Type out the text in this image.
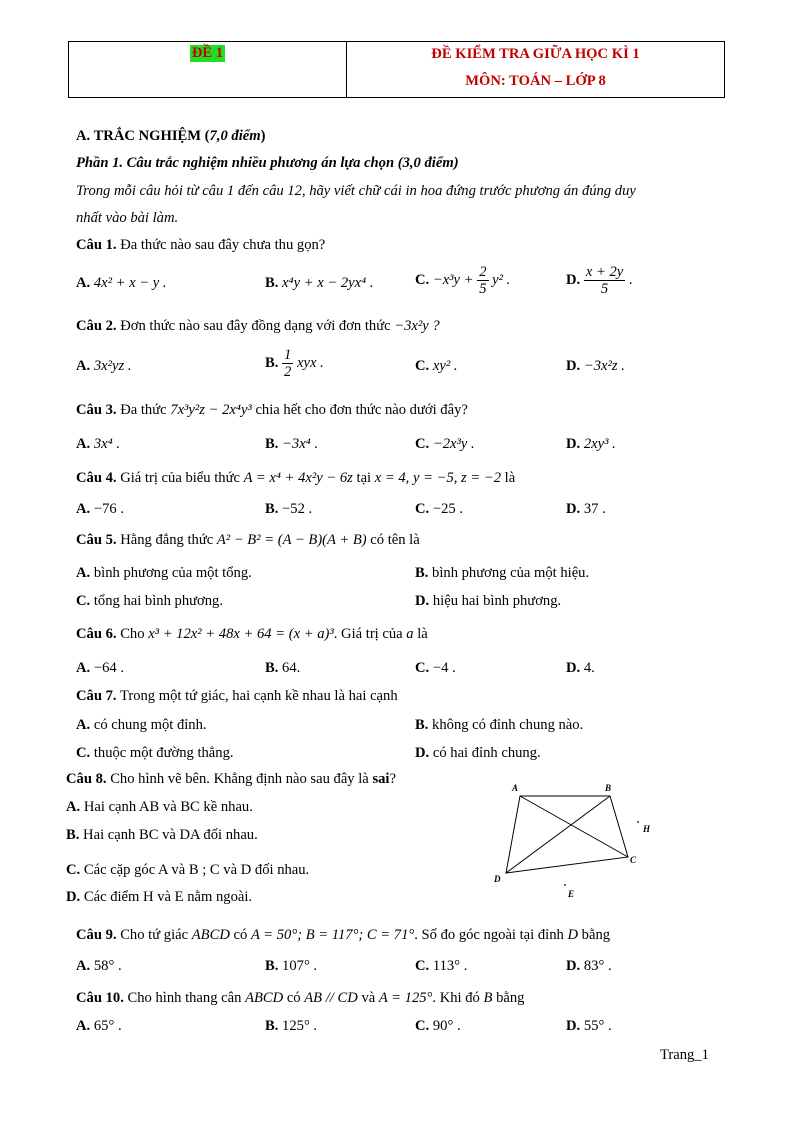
ĐỀ 1	ĐỀ KIỂM TRA GIỮA HỌC KÌ 1
MÔN: TOÁN – LỚP 8
A. TRẮC NGHIỆM (7,0 điểm)
Phần 1. Câu trắc nghiệm nhiều phương án lựa chọn (3,0 điểm)
Trong mỗi câu hỏi từ câu 1 đến câu 12, hãy viết chữ cái in hoa đứng trước phương án đúng duy
nhất vào bài làm.
Câu 1. Đa thức nào sau đây chưa thu gọn?
A. 4x² + x − y .	B. x⁴y + x − 2yx⁴ .	C. $-x^3y + \frac{2}{5} y^2$ .	D. $\frac{x + 2y}{5}$ .
Câu 2. Đơn thức nào sau đây đồng dạng với đơn thức −3x²y ?
A. 3x²yz .	B. $\frac{1}{2}$ xyx .	C. xy² .	D. −3x²z .
Câu 3. Đa thức 7x³y²z − 2x⁴y³ chia hết cho đơn thức nào dưới đây?
A. 3x⁴ .	B. −3x⁴ .	C. −2x³y .	D. 2xy³ .
Câu 4. Giá trị của biểu thức A = x⁴ + 4x²y − 6z tại x = 4, y = −5, z = −2 là
A. −76 .	B. −52 .	C. −25 .	D. 37 .
Câu 5. Hằng đẳng thức A² − B² = (A − B)(A + B) có tên là
A. bình phương của một tổng.	B. bình phương của một hiệu.
C. tổng hai bình phương.	D. hiệu hai bình phương.
Câu 6. Cho x³ + 12x² + 48x + 64 = (x + a)³. Giá trị của a là
A. −64 .	B. 64.	C. −4 .	D. 4.
Câu 7. Trong một tứ giác, hai cạnh kề nhau là hai cạnh
A. có chung một đỉnh.	B. không có đỉnh chung nào.
C. thuộc một đường thẳng.	D. có hai đỉnh chung.
Câu 8. Cho hình vẽ bên. Khẳng định nào sau đây là sai?
A. Hai cạnh AB và BC kề nhau.
B. Hai cạnh BC và DA đối nhau.
C. Các cặp góc A và B ; C và D đối nhau.
D. Các điểm H và E nằm ngoài.
A	B
C
D
H
E
Câu 9. Cho tứ giác ABCD có A = 50°; B = 117°; C = 71°. Số đo góc ngoài tại đỉnh D bằng
A. 58° .	B. 107° .	C. 113° .	D. 83° .
Câu 10. Cho hình thang cân ABCD có AB // CD và A = 125°. Khi đó B bằng
A. 65° .	B. 125° .	C. 90° .	D. 55° .
Trang_1
